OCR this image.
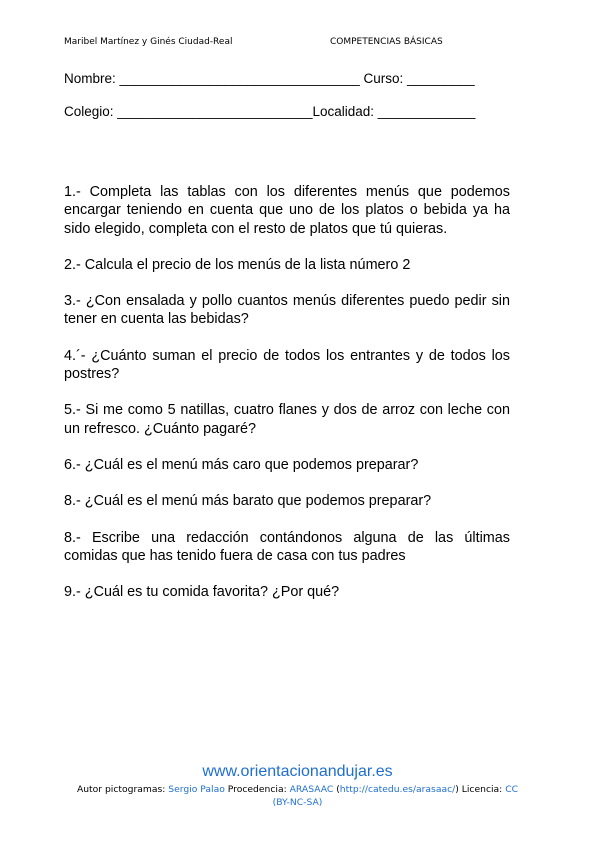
Maribel Martínez y Ginés Ciudad-Real	COMPETENCIAS BÁSICAS
Nombre: ________________________________ Curso: _________
Colegio: __________________________Localidad: _____________

1.- Completa las tablas con los diferentes menús que podemos encargar teniendo en cuenta que uno de los platos o bebida ya ha sido elegido, completa con el resto de platos que tú quieras.

2.- Calcula el precio de los menús de la lista número 2

3.- ¿Con ensalada y pollo cuantos menús diferentes puedo pedir sin tener en cuenta las bebidas?

4.´- ¿Cuánto suman el precio de todos los entrantes y de todos los postres?

5.- Si me como 5 natillas, cuatro flanes y dos de arroz con leche con un refresco. ¿Cuánto pagaré?

6.- ¿Cuál es el menú más caro que podemos preparar?

8.- ¿Cuál es el menú más barato que podemos preparar?

8.- Escribe una redacción contándonos alguna de las últimas comidas que has tenido fuera de casa con tus padres

9.- ¿Cuál es tu comida favorita? ¿Por qué?

www.orientacionandujar.es
Autor pictogramas: Sergio Palao Procedencia: ARASAAC (http://catedu.es/arasaac/) Licencia: CC
(BY-NC-SA)
